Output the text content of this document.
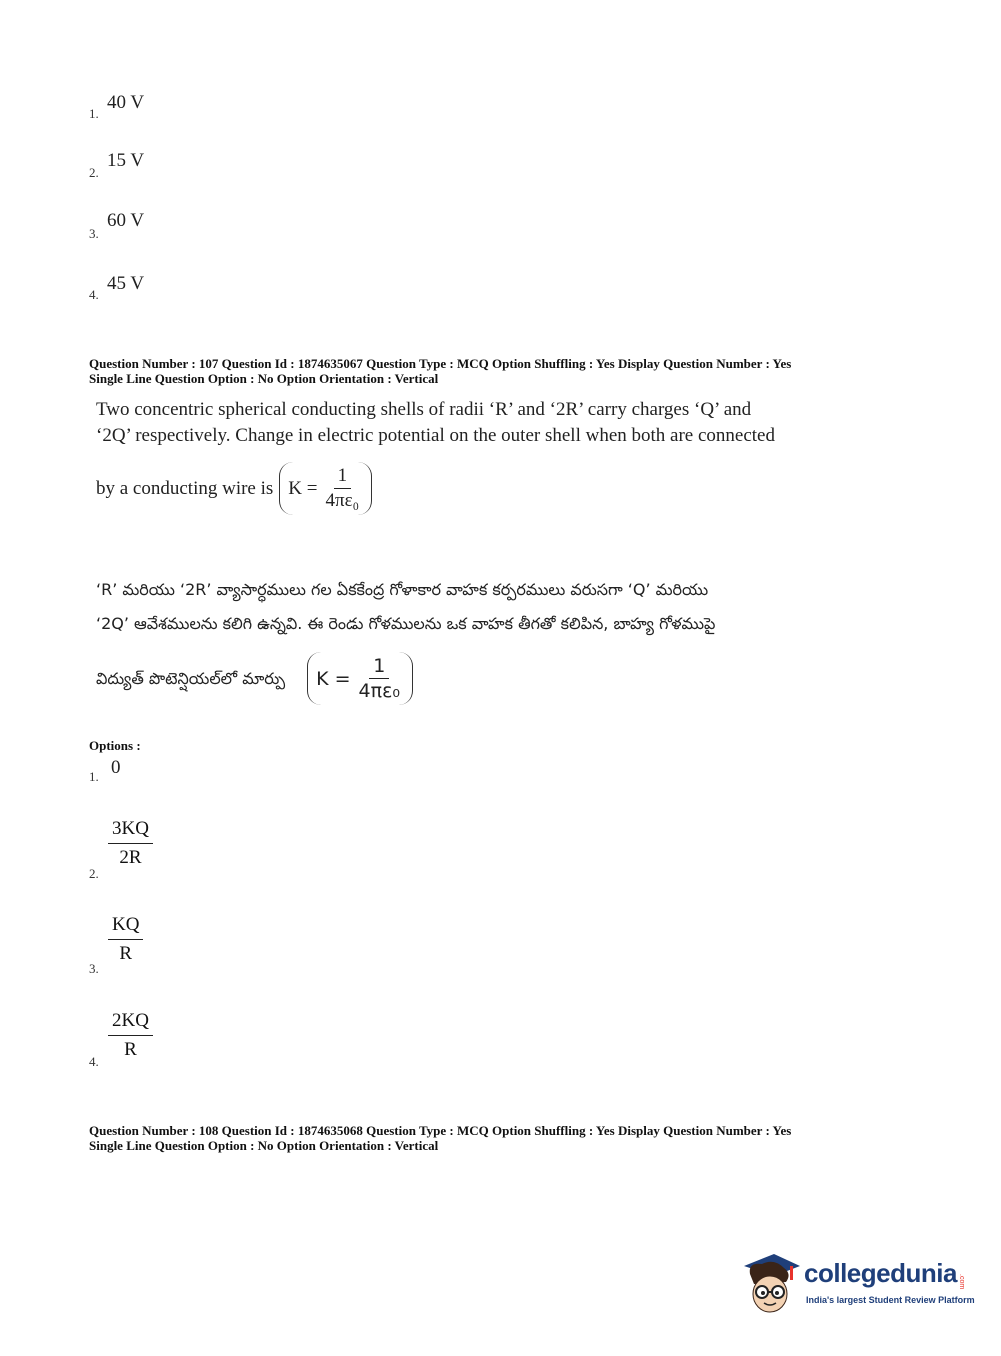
1.
40 V
2.
15 V
3.
60 V
4.
45 V
Question Number : 107 Question Id : 1874635067 Question Type : MCQ Option Shuffling : Yes Display Question Number : Yes
Single Line Question Option : No Option Orientation : Vertical
Two concentric spherical conducting shells of radii ‘R’ and ‘2R’ carry charges ‘Q’ and
‘2Q’ respectively. Change in electric potential on the outer shell when both are connected
by a conducting wire is $K = \frac{1}{\text{4πε₀}}$
‘R’ మరియు ‘2R’ వ్యాసార్ధములు గల ఏకకేంద్ర గోళాకార వాహక కర్పరములు వరుసగా ‘Q’ మరియు
‘2Q’ ఆవేశములను కలిగి ఉన్నవి. ఈ రెండు గోళములను ఒక వాహక తీగతో కలిపిన, బాహ్య గోళముపై
విద్యుత్ పొటెన్షియల్‌లో మార్పు $K = \frac{1}{\text{4πε₀}}$
Options :
1. 0
2.
$\frac{3KQ}{2R}$
3.
$\frac{KQ}{R}$
4. $\frac{2KQ}{R}$
Question Number : 108 Question Id : 1874635068 Question Type : MCQ Option Shuffling : Yes Display Question Number : Yes
Single Line Question Option : No Option Orientation : Vertical
collegedunia .com
India's largest Student Review Platform
